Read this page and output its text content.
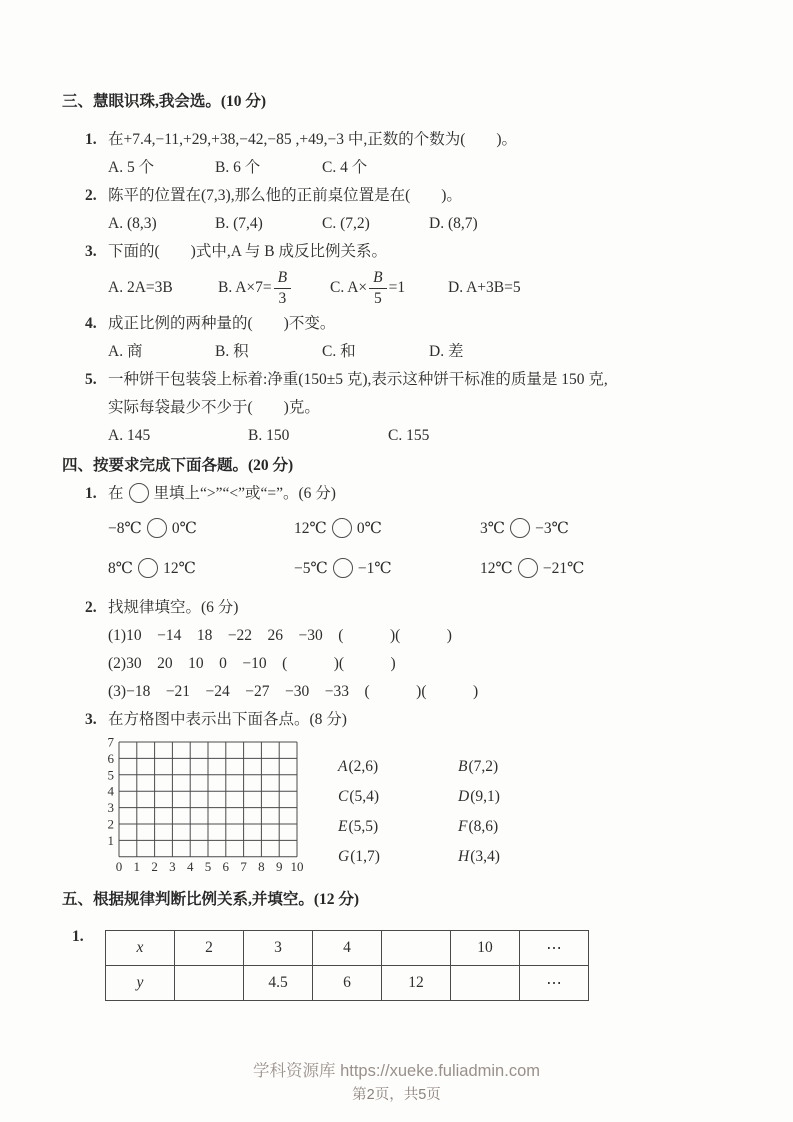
三、慧眼识珠,我会选。(10 分)
1. 在+7.4,−11,+29,+38,−42,−85 ,+49,−3 中,正数的个数为(　　)。
A. 5 个	B. 6 个	C. 4 个
2. 陈平的位置在(7,3),那么他的正前桌位置是在(　　)。
A. (8,3)	B. (7,4)	C. (7,2)	D. (8,7)
3. 下面的(　　)式中,A 与 B 成反比例关系。
A. 2A=3B	B. $A\times 7= \frac{B}{3}$	C. $A\times \frac{B}{5} =1$	D. A+3B=5
4. 成正比例的两种量的(　　)不变。
A. 商	B. 积	C. 和	D. 差
5. 一种饼干包装袋上标着:净重(150±5 克),表示这种饼干标准的质量是 150 克,
实际每袋最少不少于(　　)克。
A. 145	B. 150	C. 155
四、按要求完成下面各题。(20 分)
1. 在 里填上“>”“<”或“=”。(6 分)
−8℃ 0℃	12℃ 0℃	3℃ −3℃
8℃ 12℃	−5℃ −1℃	12℃ −21℃
2. 找规律填空。(6 分)
(1)10　−14　18　−22　26　−30　(　　　)(　　　)
(2)30　20　10　0　−10　(　　　)(　　　)
(3)−18　−21　−24　−27　−30　−33　(　　　)(　　　)
3. 在方格图中表示出下面各点。(8 分)
7
6
5
4
3
2
1
0 1 2 3 4 5 6 7 8 9 10
A(2,6)	B(7,2)
C(5,4)	D(9,1)
E(5,5)	F(8,6)
G(1,7)	H(3,4)
五、根据规律判断比例关系,并填空。(12 分)
1.
x	2	3	4		10	⋯
y		4.5	6	12		⋯
学科资源库 https://xueke.fuliadmin.com
第2页，共5页
